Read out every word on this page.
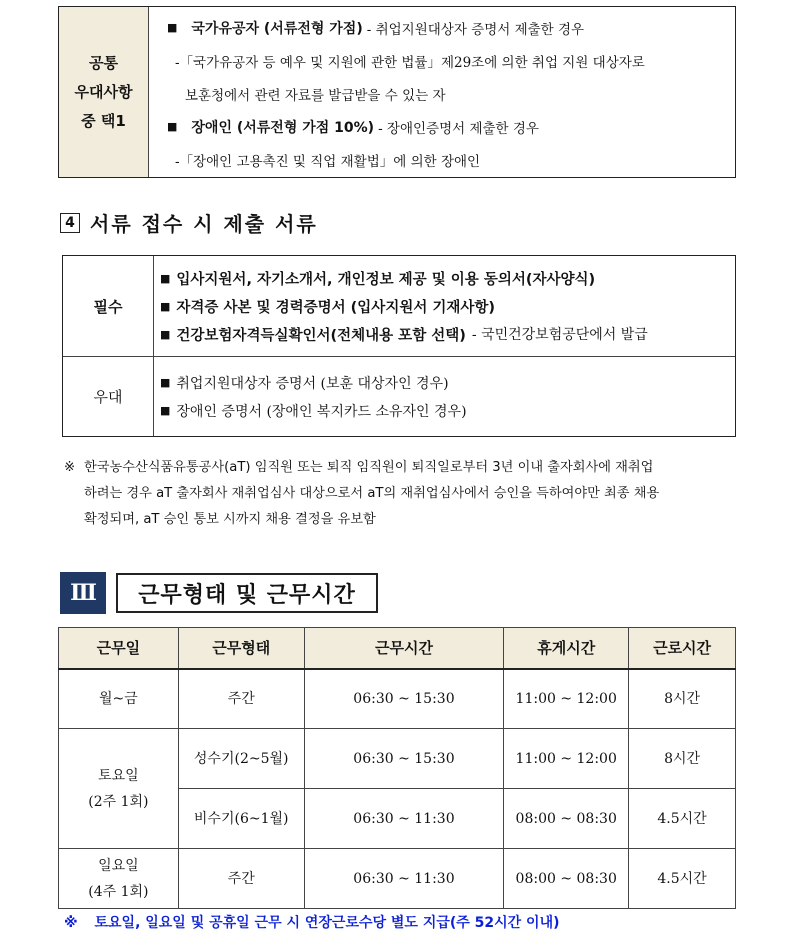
공통
우대사항
중 택1
■ 국가유공자 (서류전형 가점) - 취업지원대상자 증명서 제출한 경우
-「국가유공자 등 예우 및 지원에 관한 법률」제29조에 의한 취업 지원 대상자로
보훈청에서 관련 자료를 발급받을 수 있는 자
■ 장애인 (서류전형 가점 10%) - 장애인증명서 제출한 경우
-「장애인 고용촉진 및 직업 재활법」에 의한 장애인
4 서류 접수 시 제출 서류
필수
■ 입사지원서, 자기소개서, 개인정보 제공 및 이용 동의서(자사양식)
■ 자격증 사본 및 경력증명서 (입사지원서 기재사항)
■ 건강보험자격득실확인서(전체내용 포함 선택) - 국민건강보험공단에서 발급
우대
■ 취업지원대상자 증명서 (보훈 대상자인 경우)
■ 장애인 증명서 (장애인 복지카드 소유자인 경우)
※ 한국농수산식품유통공사(aT) 임직원 또는 퇴직 임직원이 퇴직일로부터 3년 이내 출자회사에 재취업
하려는 경우 aT 출자회사 재취업심사 대상으로서 aT의 재취업심사에서 승인을 득하여야만 최종 채용
확정되며, aT 승인 통보 시까지 채용 결정을 유보함
Ⅲ	근무형태 및 근무시간
근무일	근무형태	근무시간	휴게시간	근로시간
월~금	주간	06:30 ~ 15:30	11:00 ~ 12:00	8시간

토요일
(2주 1회)	성수기(2~5월)	06:30 ~ 15:30	11:00 ~ 12:00	8시간
	비수기(6~1월)	06:30 ~ 11:30	08:00 ~ 08:30	4.5시간

일요일
(4주 1회)	주간	06:30 ~ 11:30	08:00 ~ 08:30	4.5시간
※ 토요일, 일요일 및 공휴일 근무 시 연장근로수당 별도 지급(주 52시간 이내)
